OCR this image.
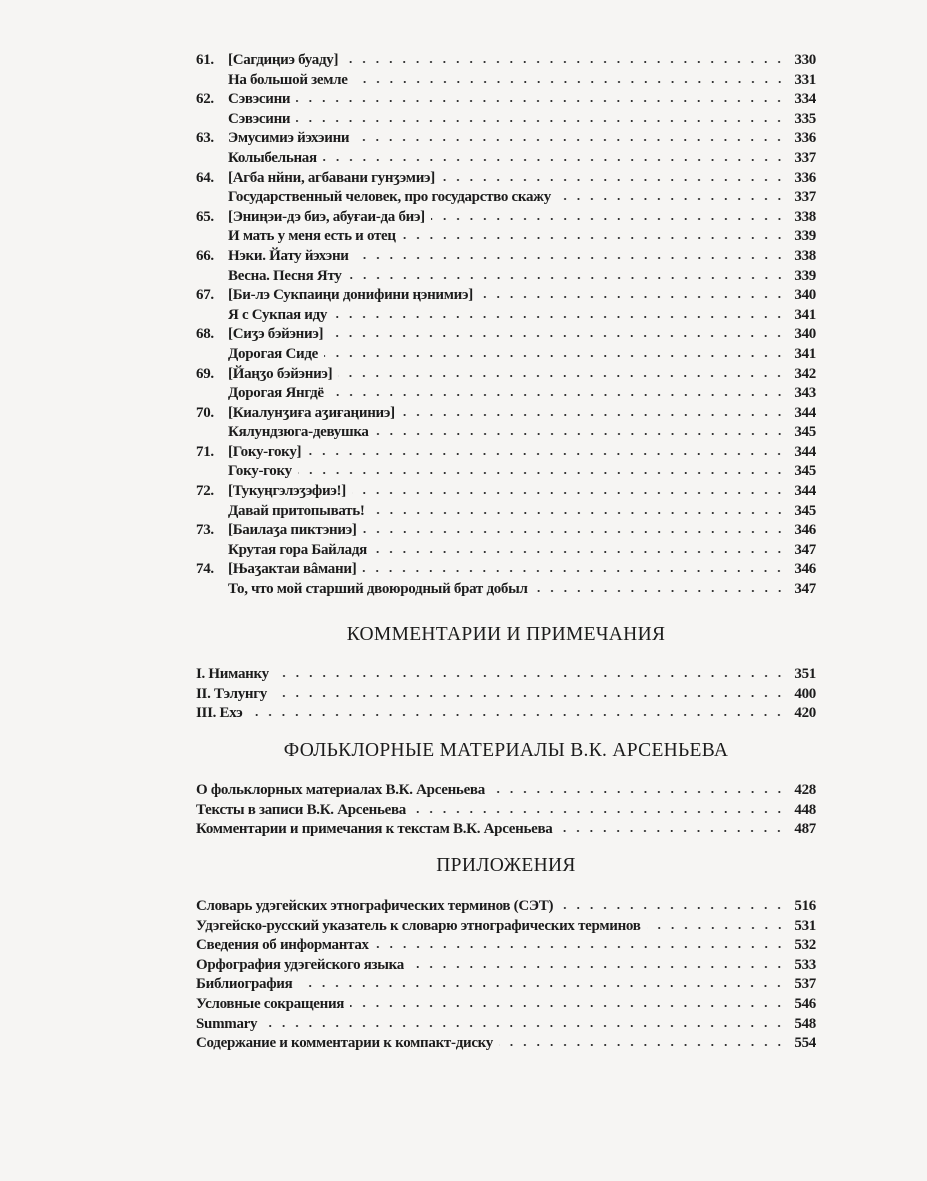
61. [Сагдиңиэ буаду]	330
На большой земле	331
62. Сэвэсини	334
Сэвэсини	335
63. Эмусимиэ йэхэини	336
Колыбельная	337
64. [Агба нйни, агбавани гунӡэмиэ]	336
Государственный человек, про государство скажу	337
65. [Эниңэи-дэ биэ, абуғаи-да биэ]	338
И мать у меня есть и отец	339
66. Нэки. Йату йэхэни	338
Весна. Песня Яту	339
67. [Би-лэ Сукпаиңи донифини ңэнимиэ]	340
Я с Сукпая иду	341
68. [Сиӡэ бэйэниэ]	340
Дорогая Сиде	341
69. [Йаңӡо бэйэниэ]	342
Дорогая Янгдё	343
70. [Киалунӡиға аӡиғаңиниэ]	344
Кялундзюга-девушка	345
71. [Гоку-гоку]	344
Гоку-гоку	345
72. [Тукуңгэлэӡэфиэ!]	344
Давай притопывать!	345
73. [Баилаӡа пиктэниэ]	346
Крутая гора Байладя	347
74. [Њаӡактаи вâмани]	346
То, что мой старший двоюродный брат добыл	347
КОММЕНТАРИИ И ПРИМЕЧАНИЯ
I. Ниманку	351
II. Тэлунгу	400
III. Ехэ	420
ФОЛЬКЛОРНЫЕ МАТЕРИАЛЫ В.К. АРСЕНЬЕВА
О фольклорных материалах В.К. Арсеньева	428
Тексты в записи В.К. Арсеньева	448
Комментарии и примечания к текстам В.К. Арсеньева	487
ПРИЛОЖЕНИЯ
Словарь удэгейских этнографических терминов (СЭТ)	516
Удэгейско-русский указатель к словарю этнографических терминов	531
Сведения об информантах	532
Орфография удэгейского языка	533
Библиография	537
Условные сокращения	546
Summary	548
Содержание и комментарии к компакт-диску	554
